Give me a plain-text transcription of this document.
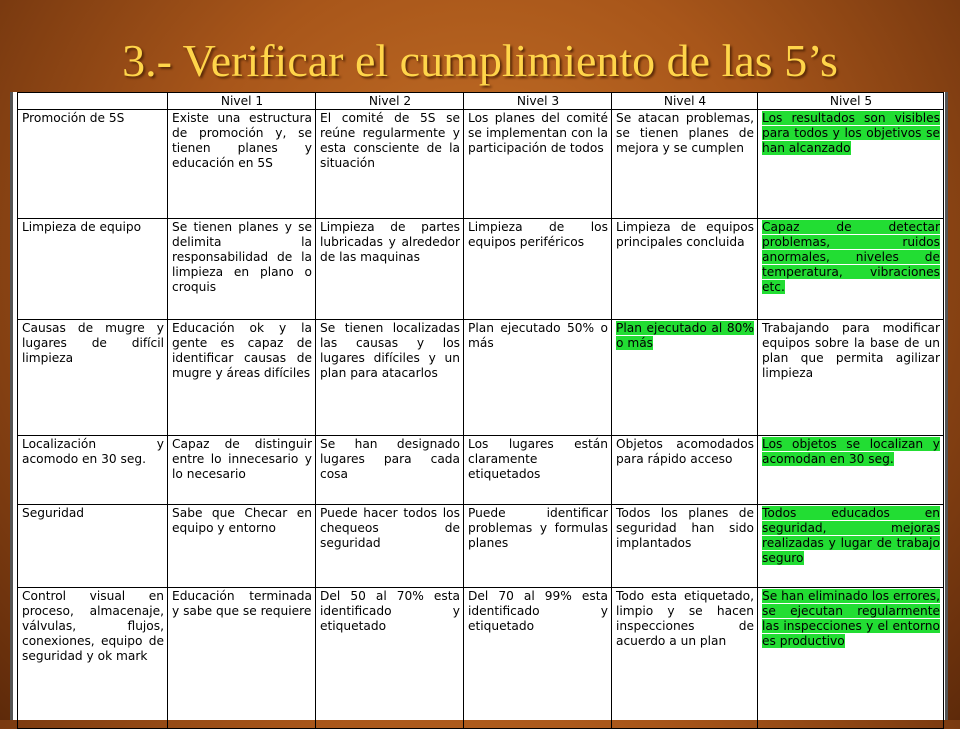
3.- Verificar el cumplimiento de las 5’s
	Nivel 1	Nivel 2	Nivel 3	Nivel 4	Nivel 5
Promoción de 5S	Existe una estructura de promoción y, se tienen planes y educación en 5S	El comité de 5S se reúne regularmente y esta consciente de la situación	Los planes del comité se implementan con la participación de todos	Se atacan problemas, se tienen planes de mejora y se cumplen	Los resultados son visibles para todos y los objetivos se han alcanzado
Limpieza de equipo	Se tienen planes y se delimita la responsabilidad de la limpieza en plano o croquis	Limpieza de partes lubricadas y alrededor de las maquinas	Limpieza de los equipos periféricos	Limpieza de equipos principales concluida	Capaz de detectar problemas, ruidos anormales, niveles de temperatura, vibraciones etc.
Causas de mugre y lugares de difícil limpieza	Educación ok y la gente es capaz de identificar causas de mugre y áreas difíciles	Se tienen localizadas las causas y los lugares difíciles y un plan para atacarlos	Plan ejecutado 50% o más	Plan ejecutado al 80% o más	Trabajando para modificar equipos sobre la base de un plan que permita agilizar limpieza
Localización y acomodo en 30 seg.	Capaz de distinguir entre lo innecesario y lo necesario	Se han designado lugares para cada cosa	Los lugares están claramente etiquetados	Objetos acomodados para rápido acceso	Los objetos se localizan y acomodan en 30 seg.
Seguridad	Sabe que Checar en equipo y entorno	Puede hacer todos los chequeos de seguridad	Puede identificar problemas y formulas planes	Todos los planes de seguridad han sido implantados	Todos educados en seguridad, mejoras realizadas y lugar de trabajo seguro
Control visual en proceso, almacenaje, válvulas, flujos, conexiones, equipo de seguridad y ok mark	Educación terminada y sabe que se requiere	Del 50 al 70% esta identificado y etiquetado	Del 70 al 99% esta identificado y etiquetado	Todo esta etiquetado, limpio y se hacen inspecciones de acuerdo a un plan	Se han eliminado los errores, se ejecutan regularmente las inspecciones y el entorno es productivo
